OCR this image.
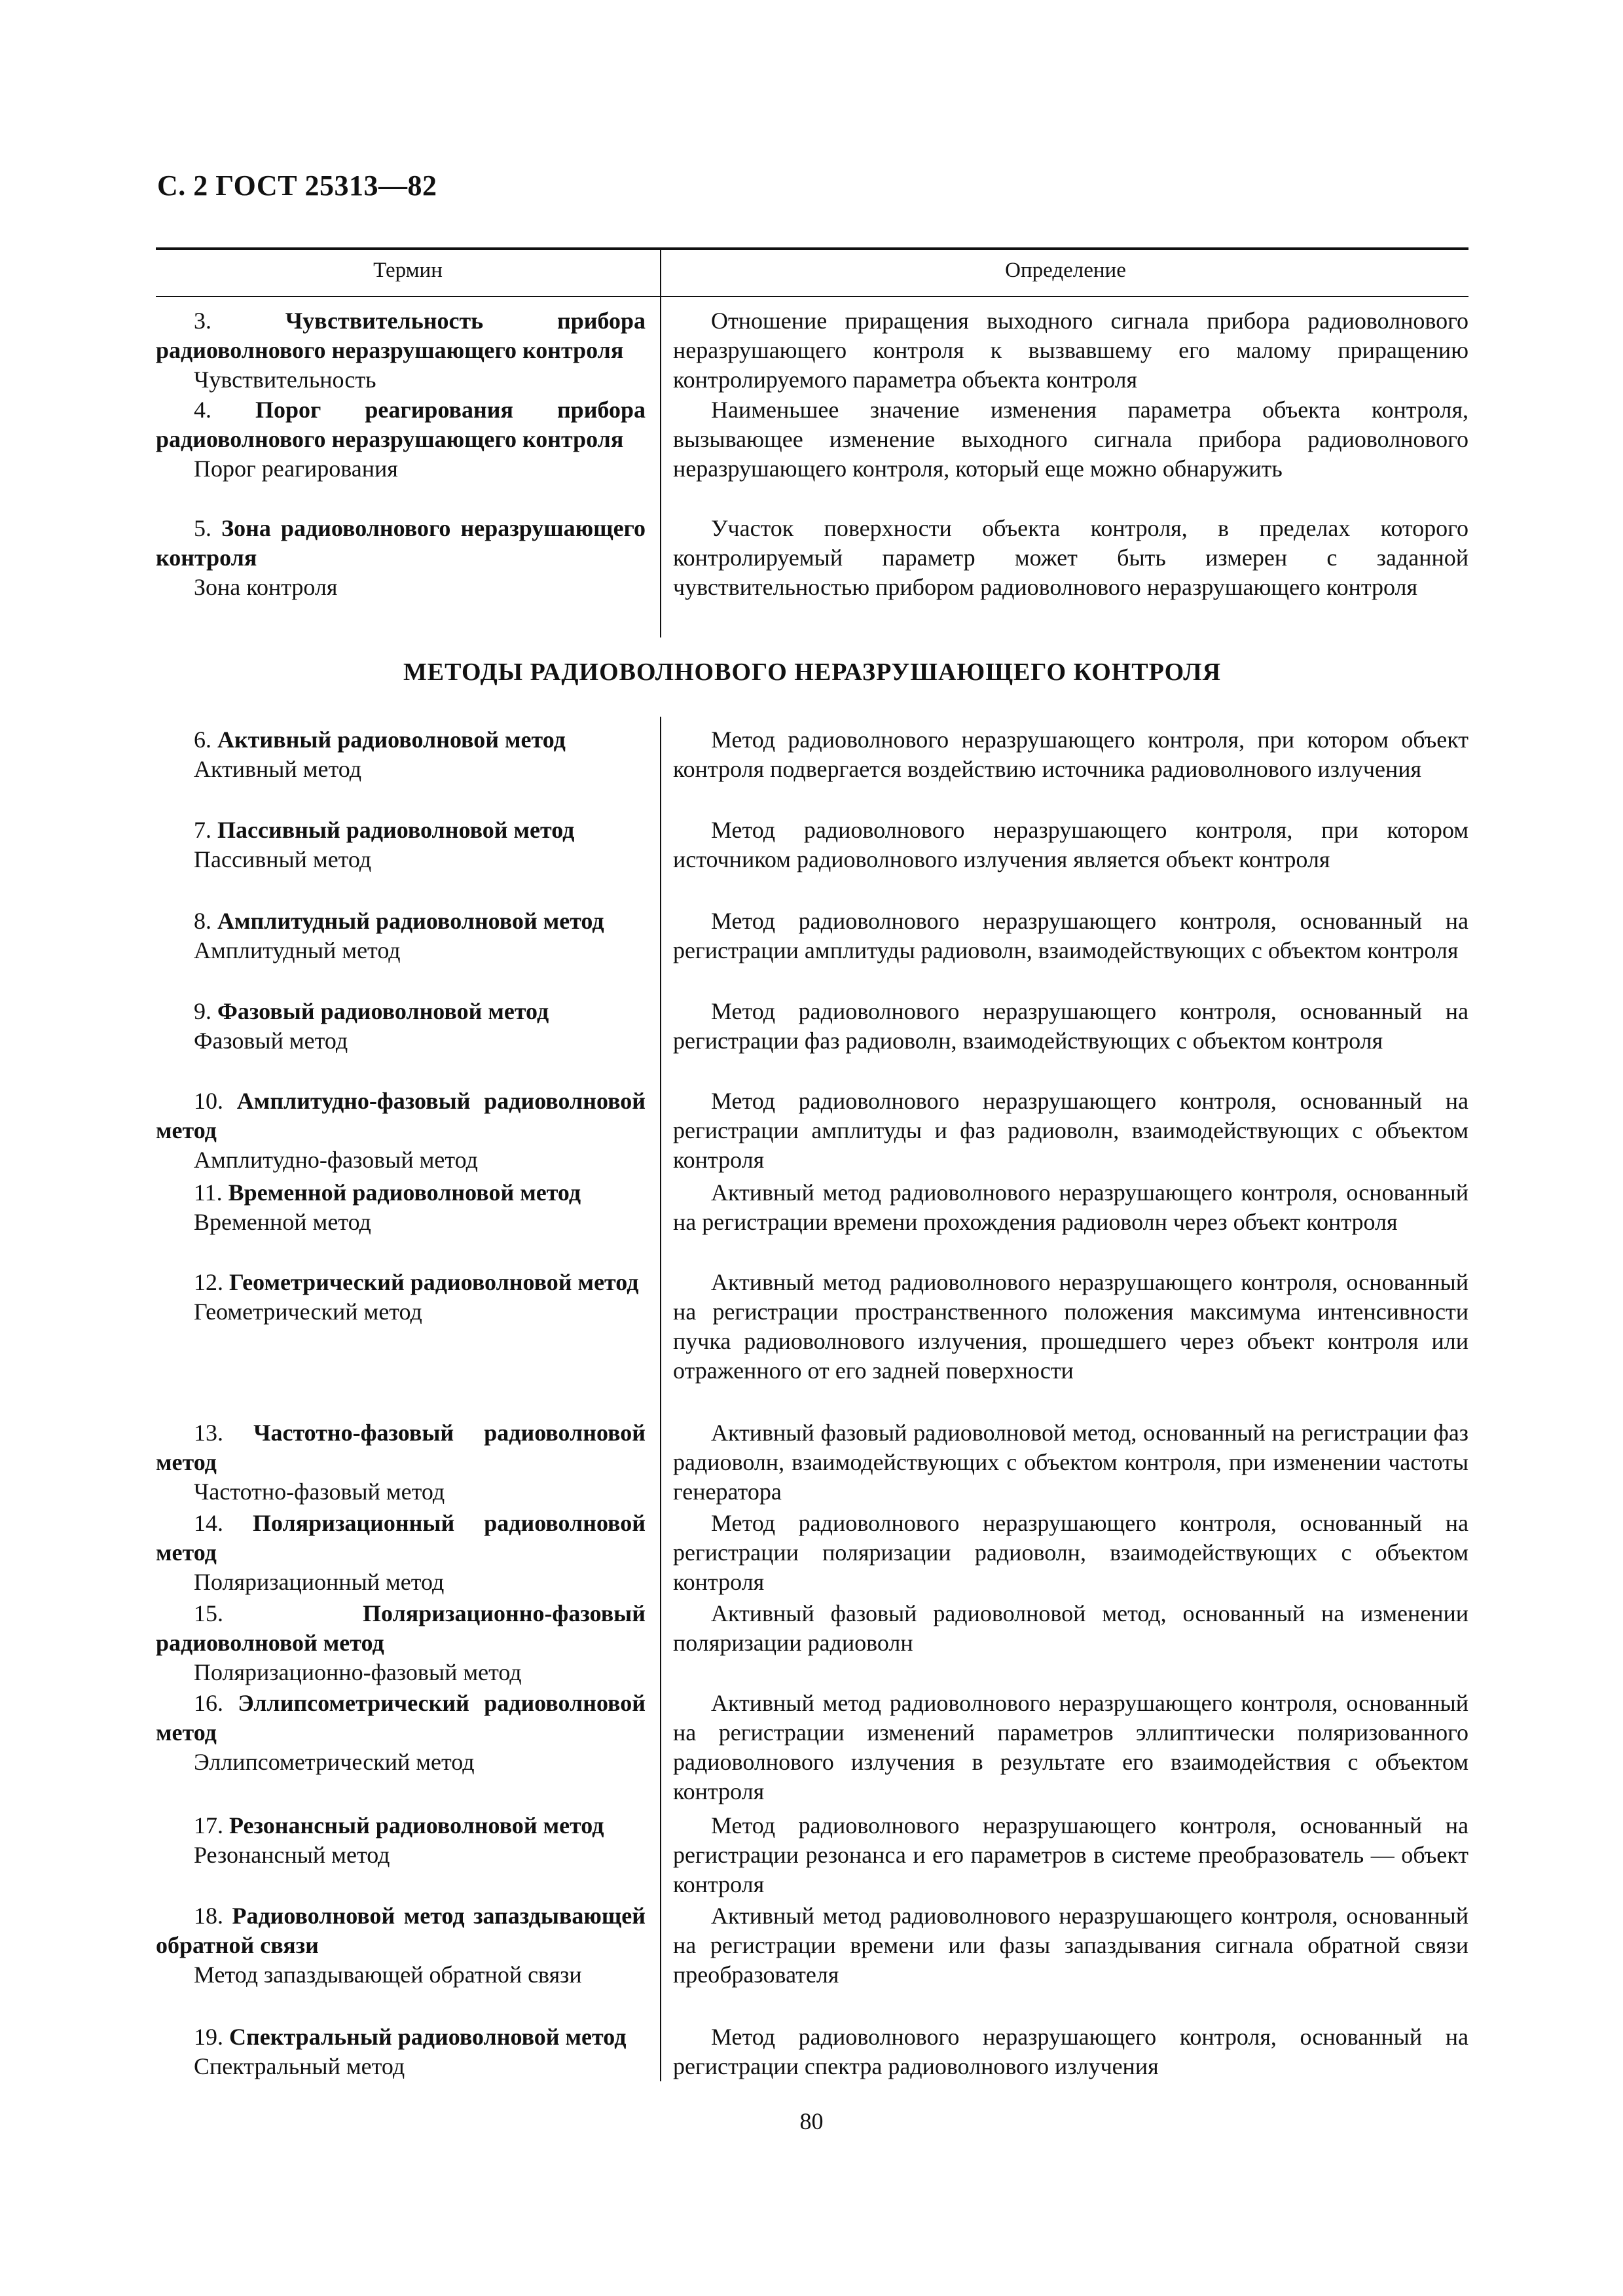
С. 2 ГОСТ 25313—82
Термин	Определение
3. Чувствительность прибора радиоволнового неразрушающего контроля
Чувствительность

Отношение приращения выходного сигнала прибора радиоволнового неразрушающего контроля к вызвавшему его малому приращению контролируемого параметра объекта контроля

4. Порог реагирования прибора радиоволнового неразрушающего контроля
Порог реагирования

Наименьшее значение изменения параметра объекта контроля, вызывающее изменение выходного сигнала прибора радиоволнового неразрушающего контроля, который еще можно обнаружить

5. Зона радиоволнового неразрушающего контроля
Зона контроля

Участок поверхности объекта контроля, в пределах которого контролируемый параметр может быть измерен с заданной чувствительностью прибором радиоволнового неразрушающего контроля

МЕТОДЫ РАДИОВОЛНОВОГО НЕРАЗРУШАЮЩЕГО КОНТРОЛЯ
6. Активный радиоволновой метод
Активный метод

Метод радиоволнового неразрушающего контроля, при котором объект контроля подвергается воздействию источника радиоволнового излучения

7. Пассивный радиоволновой метод
Пассивный метод

Метод радиоволнового неразрушающего контроля, при котором источником радиоволнового излучения является объект контроля

8. Амплитудный радиоволновой метод
Амплитудный метод

Метод радиоволнового неразрушающего контроля, основанный на регистрации амплитуды радиоволн, взаимодействующих с объектом контроля

9. Фазовый радиоволновой метод
Фазовый метод

Метод радиоволнового неразрушающего контроля, основанный на регистрации фаз радиоволн, взаимодействующих с объектом контроля

10. Амплитудно-фазовый радиоволновой метод
Амплитудно-фазовый метод

Метод радиоволнового неразрушающего контроля, основанный на регистрации амплитуды и фаз радиоволн, взаимодействующих с объектом контроля

11. Временной радиоволновой метод
Временной метод

Активный метод радиоволнового неразрушающего контроля, основанный на регистрации времени прохождения радиоволн через объект контроля

12. Геометрический радиоволновой метод
Геометрический метод

Активный метод радиоволнового неразрушающего контроля, основанный на регистрации пространственного положения максимума интенсивности пучка радиоволнового излучения, прошедшего через объект контроля или отраженного от его задней поверхности

13. Частотно-фазовый радиоволновой метод
Частотно-фазовый метод

Активный фазовый радиоволновой метод, основанный на регистрации фаз радиоволн, взаимодействующих с объектом контроля, при изменении частоты генератора

14. Поляризационный радиоволновой метод
Поляризационный метод

Метод радиоволнового неразрушающего контроля, основанный на регистрации поляризации радиоволн, взаимодействующих с объектом контроля

15. Поляризационно-фазовый радиоволновой метод
Поляризационно-фазовый метод

Активный фазовый радиоволновой метод, основанный на изменении поляризации радиоволн

16. Эллипсометрический радиоволновой метод
Эллипсометрический метод

Активный метод радиоволнового неразрушающего контроля, основанный на регистрации изменений параметров эллиптически поляризованного радиоволнового излучения в результате его взаимодействия с объектом контроля

17. Резонансный радиоволновой метод
Резонансный метод

Метод радиоволнового неразрушающего контроля, основанный на регистрации резонанса и его параметров в системе преобразователь — объект контроля

18. Радиоволновой метод запаздывающей обратной связи
Метод запаздывающей обратной связи

Активный метод радиоволнового неразрушающего контроля, основанный на регистрации времени или фазы запаздывания сигнала обратной связи преобразователя

19. Спектральный радиоволновой метод
Спектральный метод

Метод радиоволнового неразрушающего контроля, основанный на регистрации спектра радиоволнового излучения

80
